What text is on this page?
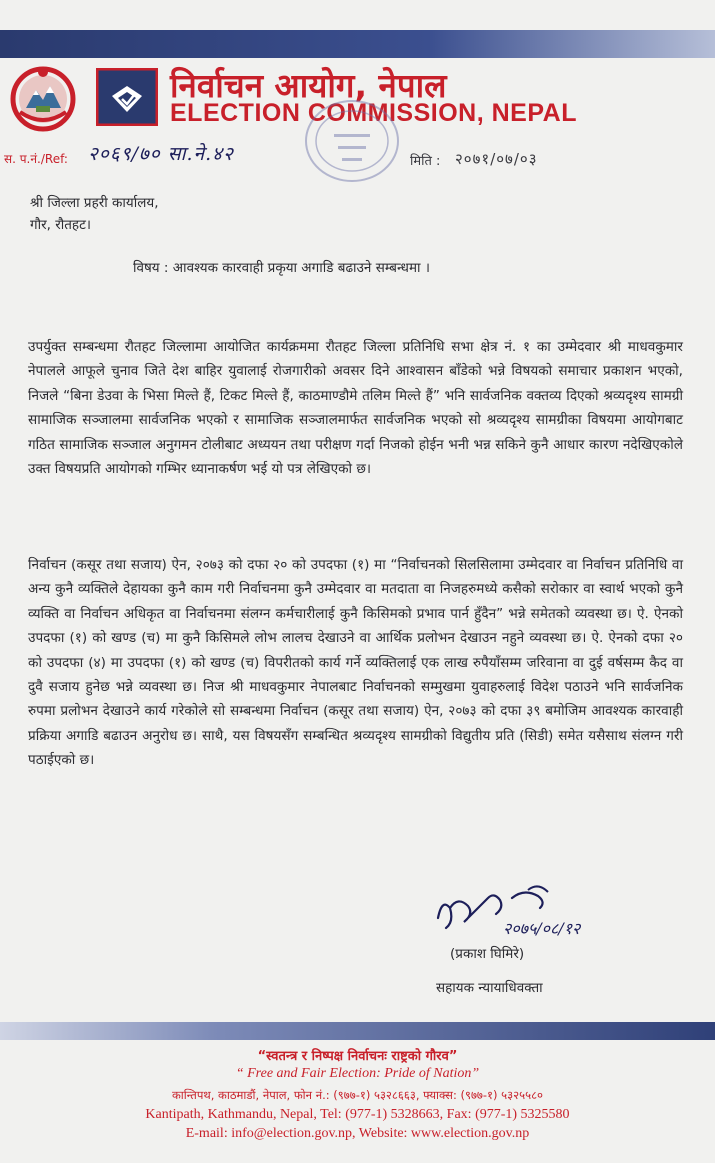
निर्वाचन आयोग, नेपाल
ELECTION COMMISSION, NEPAL
स. प.नं./Ref: २०६९/७० सा.ने.४२	मिति : २०७१/०७/०३
श्री जिल्ला प्रहरी कार्यालय,
गौर, रौतहट।
विषय : आवश्यक कारवाही प्रकृया अगाडि बढाउने सम्बन्धमा ।
उपर्युक्त सम्बन्धमा रौतहट जिल्लामा आयोजित कार्यक्रममा रौतहट जिल्ला प्रतिनिधि सभा क्षेत्र नं. १ का उम्मेदवार श्री माधवकुमार नेपालले आफूले चुनाव जिते देश बाहिर युवालाई रोजगारीको अवसर दिने आश्वासन बाँडेको भन्ने विषयको समाचार प्रकाशन भएको, निजले “बिना डेउवा के भिसा मिल्ते हैं, टिकट मिल्ते हैं, काठमाण्डौमे तलिम मिल्ते हैं” भनि सार्वजनिक वक्तव्य दिएको श्रव्यदृश्य सामग्री सामाजिक सञ्जालमा सार्वजनिक भएको र सामाजिक सञ्जालमार्फत सार्वजनिक भएको सो श्रव्यदृश्य सामग्रीका विषयमा आयोगबाट गठित सामाजिक सञ्जाल अनुगमन टोलीबाट अध्ययन तथा परीक्षण गर्दा निजको होईन भनी भन्न सकिने कुनै आधार कारण नदेखिएकोले उक्त विषयप्रति आयोगको गम्भिर ध्यानाकर्षण भई यो पत्र लेखिएको छ।
निर्वाचन (कसूर तथा सजाय) ऐन, २०७३ को दफा २० को उपदफा (१) मा “निर्वाचनको सिलसिलामा उम्मेदवार वा निर्वाचन प्रतिनिधि वा अन्य कुनै व्यक्तिले देहायका कुनै काम गरी निर्वाचनमा कुनै उम्मेदवार वा मतदाता वा निजहरुमध्ये कसैको सरोकार वा स्वार्थ भएको कुनै व्यक्ति वा निर्वाचन अधिकृत वा निर्वाचनमा संलग्न कर्मचारीलाई कुनै किसिमको प्रभाव पार्न हुँदैन” भन्ने समेतको व्यवस्था छ। ऐ. ऐनको उपदफा (१) को खण्ड (च) मा कुनै किसिमले लोभ लालच देखाउने वा आर्थिक प्रलोभन देखाउन नहुने व्यवस्था छ। ऐ. ऐनको दफा २० को उपदफा (४) मा उपदफा (१) को खण्ड (च) विपरीतको कार्य गर्ने व्यक्तिलाई एक लाख रुपैयाँसम्म जरिवाना वा दुई वर्षसम्म कैद वा दुवै सजाय हुनेछ भन्ने व्यवस्था छ। निज श्री माधवकुमार नेपालबाट निर्वाचनको सम्मुखमा युवाहरुलाई विदेश पठाउने भनि सार्वजनिक रुपमा प्रलोभन देखाउने कार्य गरेकोले सो सम्बन्धमा निर्वाचन (कसूर तथा सजाय) ऐन, २०७३ को दफा ३९ बमोजिम आवश्यक कारवाही प्रक्रिया अगाडि बढाउन अनुरोध छ। साथै, यस विषयसँग सम्बन्धित श्रव्यदृश्य सामग्रीको विद्युतीय प्रति (सिडी) समेत यसैसाथ संलग्न गरी पठाईएको छ।
२०७५/०८/१२
(प्रकाश घिमिरे)
सहायक न्यायाधिवक्ता
“स्वतन्त्र र निष्पक्ष निर्वाचनः राष्ट्रको गौरव”
“ Free and Fair Election: Pride of Nation”
कान्तिपथ, काठमाडौं, नेपाल, फोन नं.: (९७७-१) ५३२८६६३, फ्याक्स: (९७७-१) ५३२५५८०
Kantipath, Kathmandu, Nepal, Tel: (977-1) 5328663, Fax: (977-1) 5325580
E-mail: info@election.gov.np, Website: www.election.gov.np
